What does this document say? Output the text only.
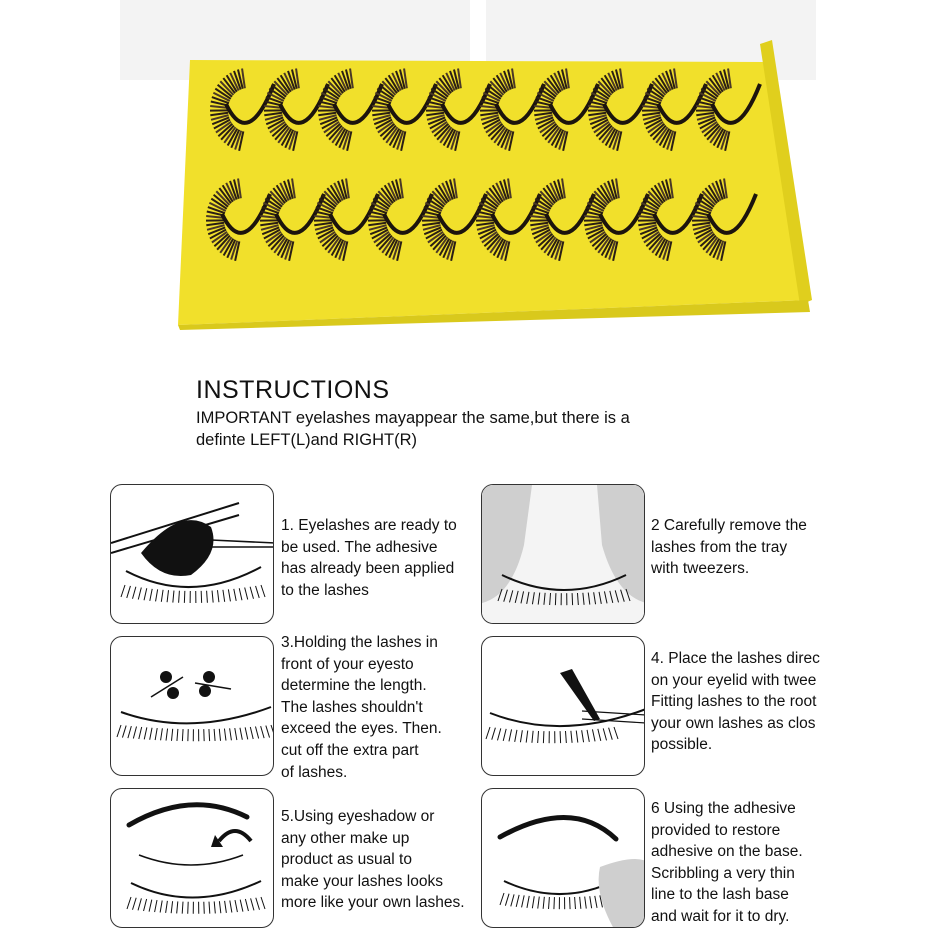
INSTRUCTIONS
IMPORTANT eyelashes mayappear the same,but there is a
definte LEFT(L)and RIGHT(R)
1. Eyelashes are ready to
be used. The adhesive
has already been applied
to the lashes
2 Carefully remove the
lashes from the tray
with tweezers.
3.Holding the lashes in
front of your eyesto
determine the length.
The lashes shouldn't
exceed the eyes. Then.
cut off the extra part
of lashes.
4. Place the lashes direc
on your eyelid with twee
Fitting lashes to the root
your own lashes as clos
possible.
5.Using eyeshadow or
any other make up
product as usual to
make your lashes looks
more like your own lashes.
6 Using the adhesive
provided to restore
adhesive on the base.
Scribbling a very thin
line to the lash base
and wait for it to dry.
